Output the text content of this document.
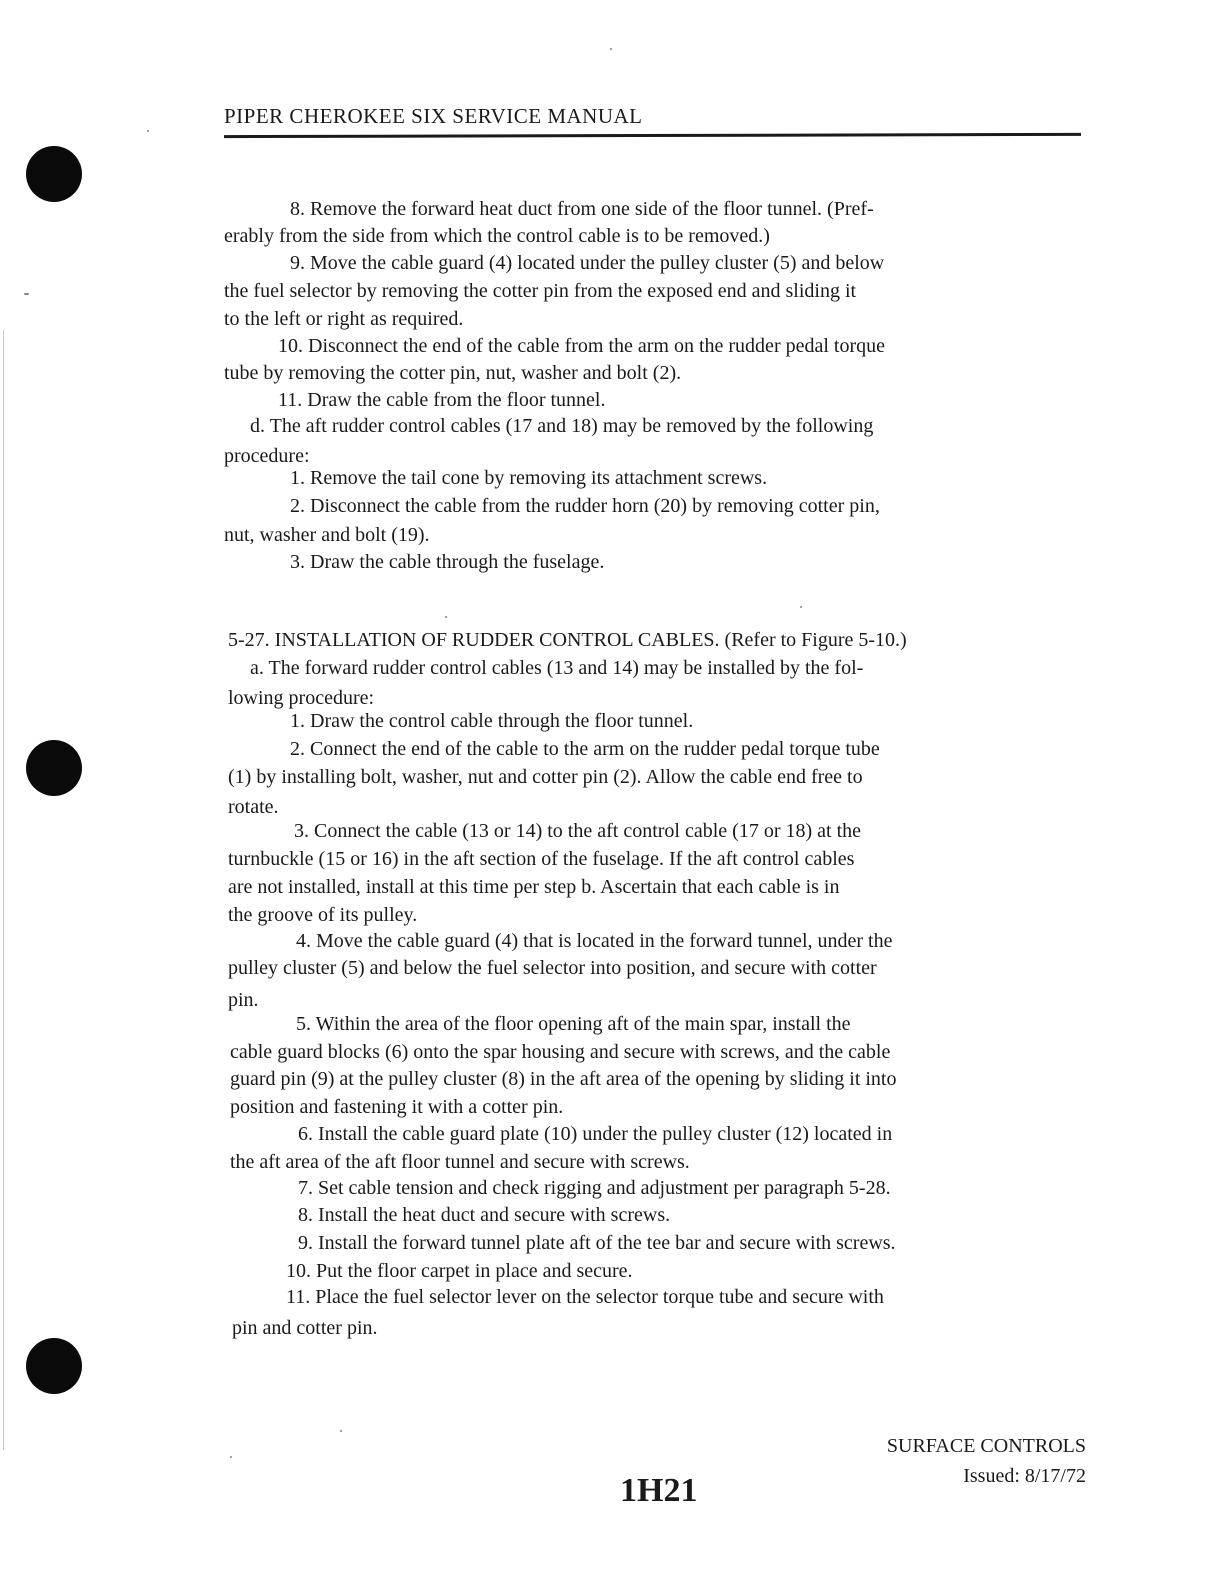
PIPER CHEROKEE SIX SERVICE MANUAL
8. Remove the forward heat duct from one side of the floor tunnel. (Pref-
erably from the side from which the control cable is to be removed.)
9. Move the cable guard (4) located under the pulley cluster (5) and below
the fuel selector by removing the cotter pin from the exposed end and sliding it
to the left or right as required.
10. Disconnect the end of the cable from the arm on the rudder pedal torque
tube by removing the cotter pin, nut, washer and bolt (2).
11. Draw the cable from the floor tunnel.
d. The aft rudder control cables (17 and 18) may be removed by the following
procedure:
1. Remove the tail cone by removing its attachment screws.
2. Disconnect the cable from the rudder horn (20) by removing cotter pin,
nut, washer and bolt (19).
3. Draw the cable through the fuselage.
5-27. INSTALLATION OF RUDDER CONTROL CABLES. (Refer to Figure 5-10.)
a. The forward rudder control cables (13 and 14) may be installed by the fol-
lowing procedure:
1. Draw the control cable through the floor tunnel.
2. Connect the end of the cable to the arm on the rudder pedal torque tube
(1) by installing bolt, washer, nut and cotter pin (2). Allow the cable end free to
rotate.
3. Connect the cable (13 or 14) to the aft control cable (17 or 18) at the
turnbuckle (15 or 16) in the aft section of the fuselage. If the aft control cables
are not installed, install at this time per step b. Ascertain that each cable is in
the groove of its pulley.
4. Move the cable guard (4) that is located in the forward tunnel, under the
pulley cluster (5) and below the fuel selector into position, and secure with cotter
pin.
5. Within the area of the floor opening aft of the main spar, install the
cable guard blocks (6) onto the spar housing and secure with screws, and the cable
guard pin (9) at the pulley cluster (8) in the aft area of the opening by sliding it into
position and fastening it with a cotter pin.
6. Install the cable guard plate (10) under the pulley cluster (12) located in
the aft area of the aft floor tunnel and secure with screws.
7. Set cable tension and check rigging and adjustment per paragraph 5-28.
8. Install the heat duct and secure with screws.
9. Install the forward tunnel plate aft of the tee bar and secure with screws.
10. Put the floor carpet in place and secure.
11. Place the fuel selector lever on the selector torque tube and secure with
pin and cotter pin.
SURFACE CONTROLS
Issued: 8/17/72
1H21
